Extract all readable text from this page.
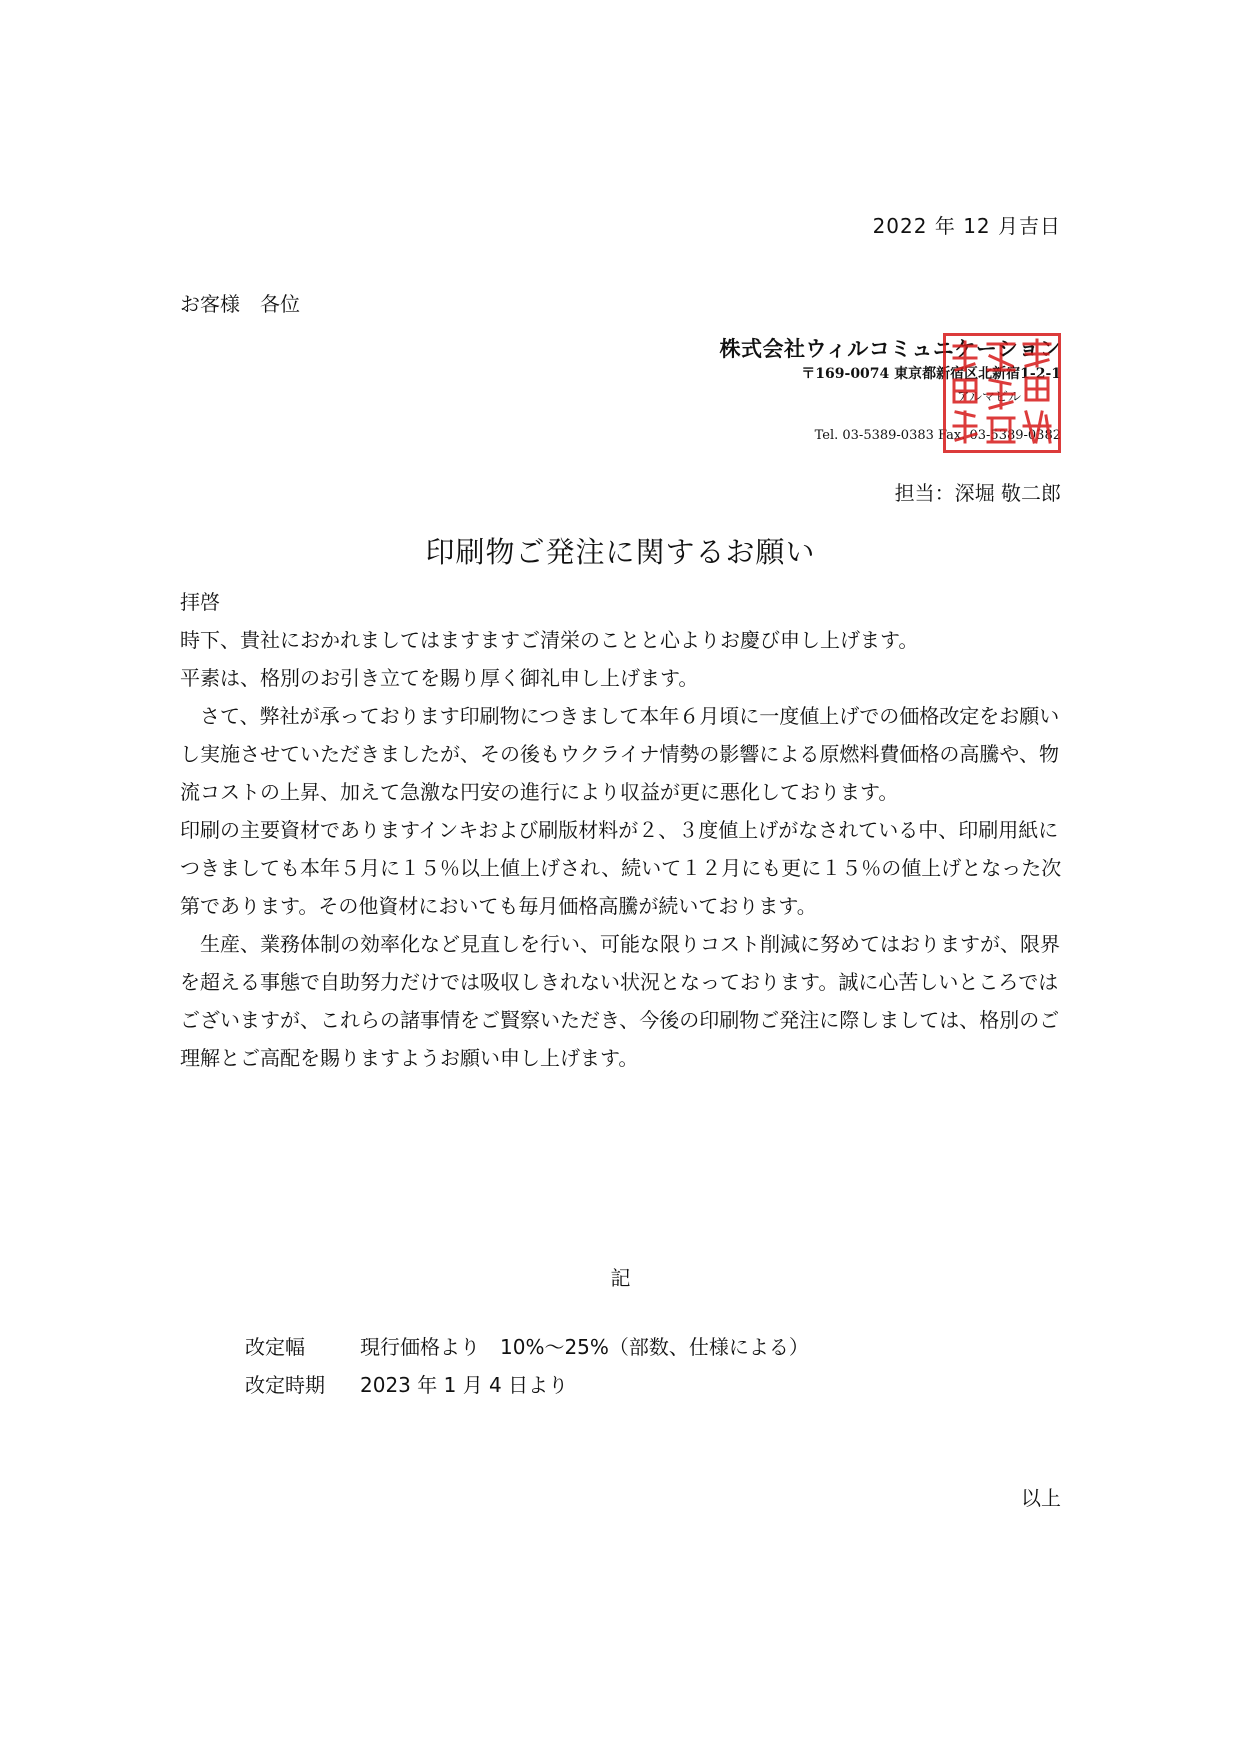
2022 年 12 月吉日
お客様　各位
株式会社ウィルコミュニケーション
〒169-0074 東京都新宿区北新宿1-2-1
アルマビル
Tel. 03-5389-0383 Fax. 03-5389-0382
担当：深堀 敬二郎
印刷物ご発注に関するお願い

拝啓

時下、貴社におかれましてはますますご清栄のことと心よりお慶び申し上げます。

平素は、格別のお引き立てを賜り厚く御礼申し上げます。

　さて、弊社が承っております印刷物につきまして本年６月頃に一度値上げでの価格改定をお願いし実施させていただきましたが、その後もウクライナ情勢の影響による原燃料費価格の高騰や、物流コストの上昇、加えて急激な円安の進行により収益が更に悪化しております。

印刷の主要資材でありますインキおよび刷版材料が２、３度値上げがなされている中、印刷用紙につきましても本年５月に１５％以上値上げされ、続いて１２月にも更に１５％の値上げとなった次第であります。その他資材においても毎月価格高騰が続いております。

　生産、業務体制の効率化など見直しを行い、可能な限りコスト削減に努めてはおりますが、限界を超える事態で自助努力だけでは吸収しきれない状況となっております。誠に心苦しいところではございますが、これらの諸事情をご賢察いただき、今後の印刷物ご発注に際しましては、格別のご理解とご高配を賜りますようお願い申し上げます。

記
改定幅	現行価格より　10%～25%（部数、仕様による）
改定時期	2023 年 1 月 4 日より
以上
